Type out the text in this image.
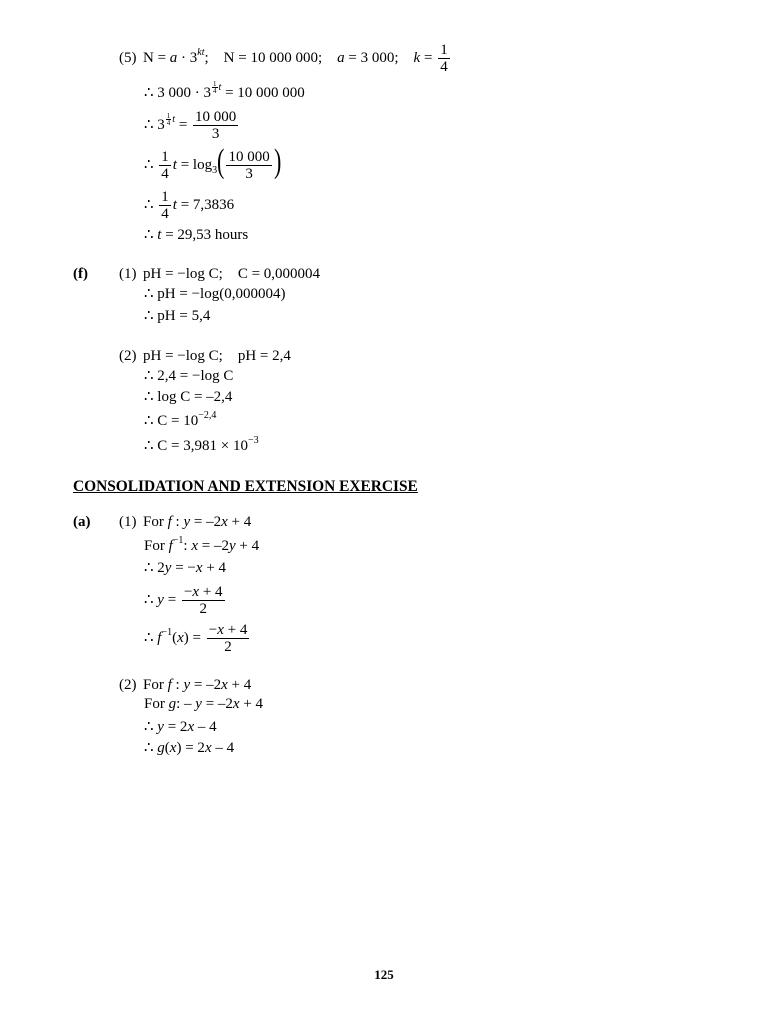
(5) N = a · 3 kt ;    N = 10 000 000; a = 3 000; $k = \frac{1}{4}$
∴ 3 $000 \cdot 3 \frac{1}{4}$ t = 10 000 000
∴ $3 \frac{1}{4}$ $t = \frac{10 000}{3}$
∴ $\frac{1}{4}$ t = log 3 ( $\frac{10 000}{3}$ )
∴ $\frac{1}{4}$ t = 7,3836
∴ t = 29,53 hours
(f) (1) pH = −log C;    C = 0,000004
∴ pH = −log(0,000004)
∴ pH = 5,4
(2) pH = −log C;    pH = 2,4
∴ 2,4 = −log C
∴ log C = –2,4
∴ C = 10 −2,4
∴ C = 3,981 × 10 −3
CONSOLIDATION AND EXTENSION EXERCISE
(a) (1) For f : y = –2 x + 4
For f −1 : x = –2 y + 4
∴ 2 y = − x + 4
∴ $y = \frac{- x + 4}{2}$
∴ f −1 ( x ) = $\frac{- x + 4}{2}$
(2) For f : y = –2 x + 4
For g : – y = –2 x + 4
∴ y = 2 x – 4
∴ g ( x ) = 2 x – 4
125
